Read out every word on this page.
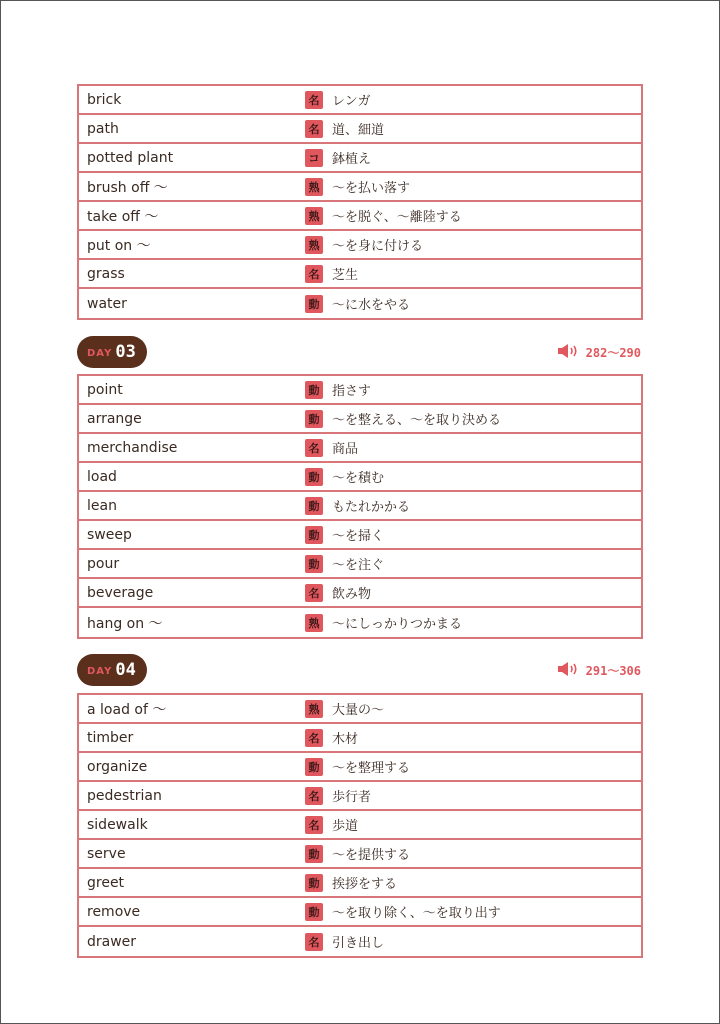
brick	名 レンガ
path	名 道、細道
potted plant	コ 鉢植え
brush off 〜	熟 〜を払い落す
take off 〜	熟 〜を脱ぐ、〜離陸する
put on 〜	熟 〜を身に付ける
grass	名 芝生
water	動 〜に水をやる
DAY 03	282〜290
point	動 指さす
arrange	動 〜を整える、〜を取り決める
merchandise	名 商品
load	動 〜を積む
lean	動 もたれかかる
sweep	動 〜を掃く
pour	動 〜を注ぐ
beverage	名 飲み物
hang on 〜	熟 〜にしっかりつかまる
DAY 04	291〜306
a load of 〜	熟 大量の〜
timber	名 木材
organize	動 〜を整理する
pedestrian	名 歩行者
sidewalk	名 歩道
serve	動 〜を提供する
greet	動 挨拶をする
remove	動 〜を取り除く、〜を取り出す
drawer	名 引き出し
